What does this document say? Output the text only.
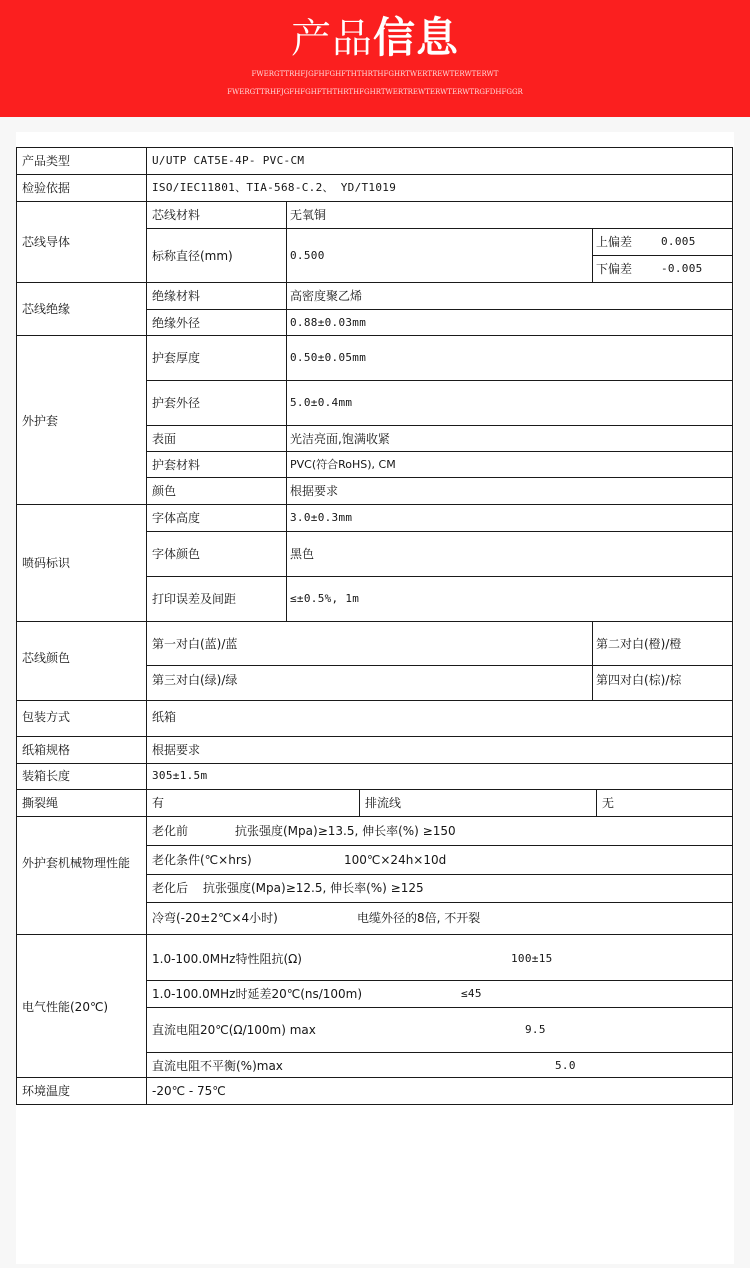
产品信息
FWERGTTRHFJGFHFGHFTHTHRTHFGHRTWERTREWTERWTERWT
FWERGTTRHFJGFHFGHFTHTHRTHFGHRTWERTREWTERWTERWTRGFDHFGGR
产品类型	U/UTP CAT5E-4P- PVC-CM
检验依据	ISO/IEC11801、TIA-568-C.2、 YD/T1019
芯线导体
芯线材料	无氧铜
标称直径(mm)	0.500
上偏差	0.005
下偏差	-0.005
芯线绝缘
绝缘材料	高密度聚乙烯
绝缘外径	0.88±0.03mm
外护套
护套厚度	0.50±0.05mm
护套外径	5.0±0.4mm
表面	光洁亮面,饱满收紧
护套材料	PVC(符合RoHS), CM
颜色	根据要求
喷码标识
字体高度	3.0±0.3mm
字体颜色	黑色
打印误差及间距	≤±0.5%, 1m
芯线颜色
第一对白(蓝)/蓝	第二对白(橙)/橙
第三对白(绿)/绿	第四对白(棕)/棕
包装方式	纸箱
纸箱规格	根据要求
装箱长度	305±1.5m
撕裂绳	有	排流线	无
外护套机械物理性能
老化前	抗张强度(Mpa)≥13.5, 伸长率(%) ≥150
老化条件(℃×hrs)	100℃×24h×10d
老化后 抗张强度(Mpa)≥12.5, 伸长率(%) ≥125
冷弯(-20±2℃×4小时)	电缆外径的8倍, 不开裂
电气性能(20℃)
1.0-100.0MHz特性阻抗(Ω)	100±15
1.0-100.0MHz时延差20℃(ns/100m)	≤45
直流电阻20℃(Ω/100m) max	9.5
直流电阻不平衡(%)max	5.0
环境温度	-20℃ - 75℃
